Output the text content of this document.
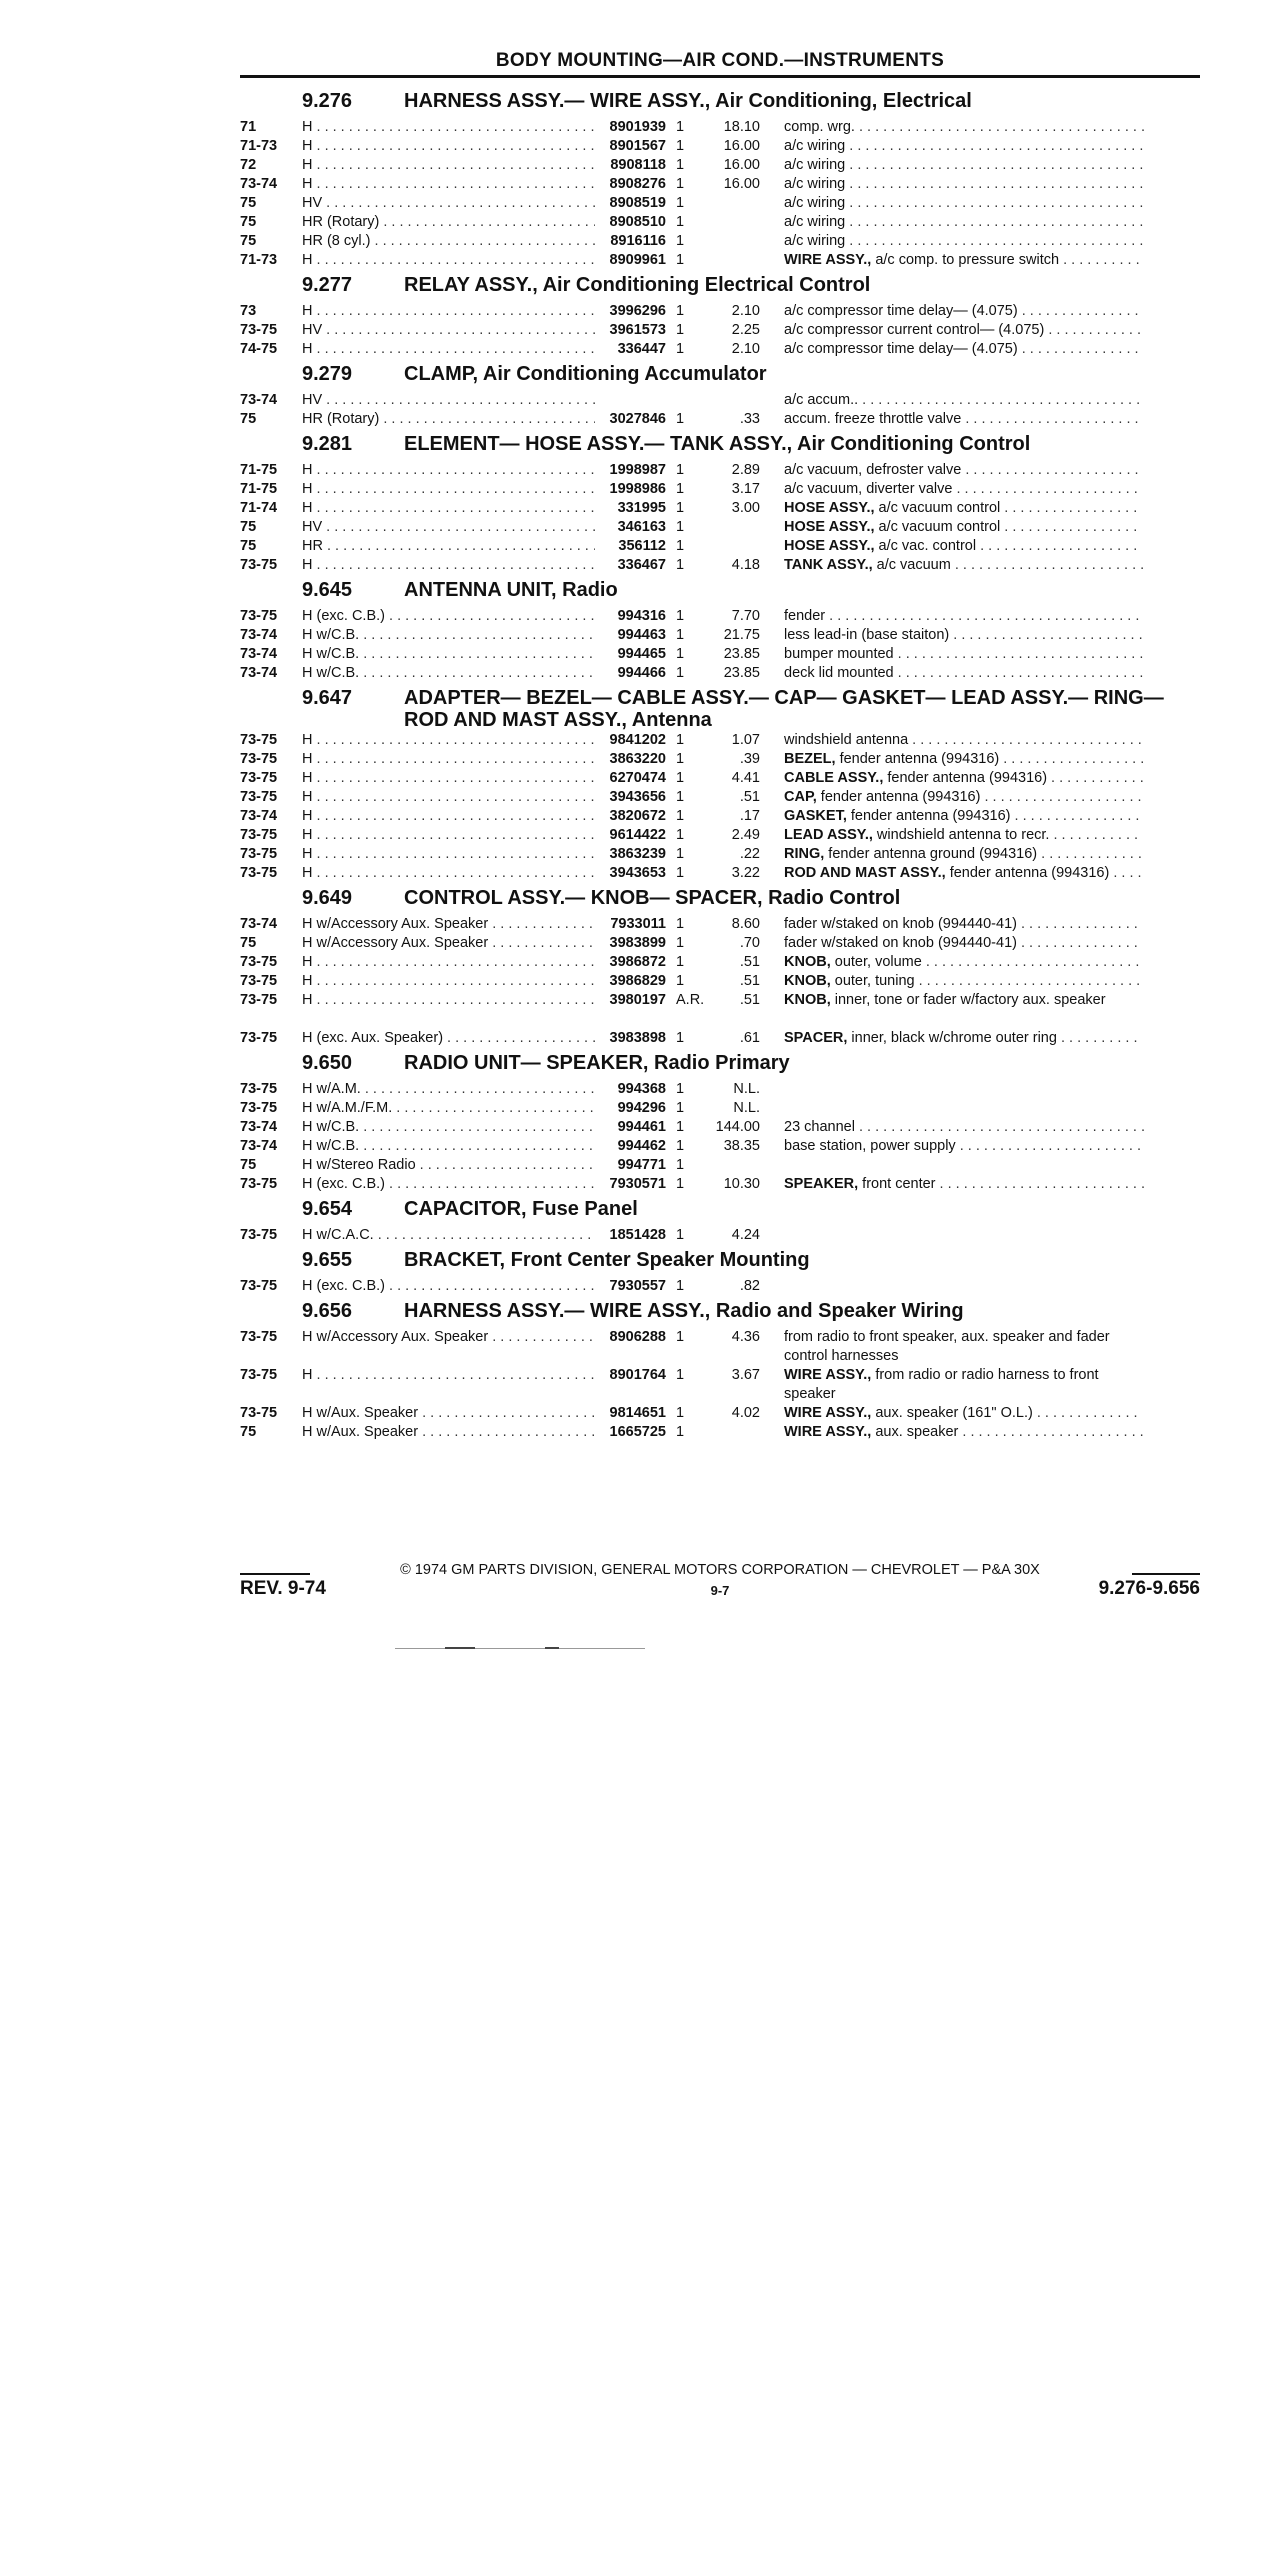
BODY MOUNTING—AIR COND.—INSTRUMENTS
9.276	HARNESS ASSY.— WIRE ASSY., Air Conditioning, Electrical
71	H . . .	8901939 1	18.10	comp. wrg. . . .
71-73	H . . .	8901567 1	16.00	a/c wiring . . .
72	H . . .	8908118 1	16.00	a/c wiring . . .
73-74	H . . .	8908276 1	16.00	a/c wiring . . .
75	HV . . .	8908519 1	a/c wiring . . .
75	HR (Rotary) . . .	8908510 1	a/c wiring . . .
75	HR (8 cyl.) . . .	8916116 1	a/c wiring . . .
71-73	H . . .	8909961 1	WIRE ASSY., a/c comp. to pressure switch . . .
9.277	RELAY ASSY., Air Conditioning Electrical Control
73	H . . .	3996296 1	2.10	a/c compressor time delay— (4.075) . . .
73-75	HV . . .	3961573 1	2.25	a/c compressor current control— (4.075) . . .
74-75	H . . .	336447 1	2.10	a/c compressor time delay— (4.075) . . .
9.279	CLAMP, Air Conditioning Accumulator
73-74	HV . . .	a/c accum.. . . .
75	HR (Rotary) . . .	3027846 1	.33	accum. freeze throttle valve . . .
9.281	ELEMENT— HOSE ASSY.— TANK ASSY., Air Conditioning Control
71-75	H . . .	1998987 1	2.89	a/c vacuum, defroster valve . . .
71-75	H . . .	1998986 1	3.17	a/c vacuum, diverter valve . . .
71-74	H . . .	331995 1	3.00	HOSE ASSY., a/c vacuum control . . .
75	HV . . .	346163 1	HOSE ASSY., a/c vacuum control . . .
75	HR . . .	356112 1	HOSE ASSY., a/c vac. control . . .
73-75	H . . .	336467 1	4.18	TANK ASSY., a/c vacuum . . .
9.645	ANTENNA UNIT, Radio
73-75	H (exc. C.B.) . . .	994316 1	7.70	fender . . .
73-74	H w/C.B. . . .	994463 1	21.75	less lead-in (base staiton) . . .
73-74	H w/C.B. . . .	994465 1	23.85	bumper mounted . . .
73-74	H w/C.B. . . .	994466 1	23.85	deck lid mounted . . .
9.647	ADAPTER— BEZEL— CABLE ASSY.— CAP— GASKET— LEAD ASSY.— RING— ROD AND MAST ASSY., Antenna
73-75	H . . .	9841202 1	1.07	windshield antenna . . .
73-75	H . . .	3863220 1	.39	BEZEL, fender antenna (994316) . . .
73-75	H . . .	6270474 1	4.41	CABLE ASSY., fender antenna (994316) . . .
73-75	H . . .	3943656 1	.51	CAP, fender antenna (994316) . . .
73-74	H . . .	3820672 1	.17	GASKET, fender antenna (994316) . . .
73-75	H . . .	9614422 1	2.49	LEAD ASSY., windshield antenna to recr. . . .
73-75	H . . .	3863239 1	.22	RING, fender antenna ground (994316) . . .
73-75	H . . .	3943653 1	3.22	ROD AND MAST ASSY., fender antenna (994316) . . .
9.649	CONTROL ASSY.— KNOB— SPACER, Radio Control
73-74	H w/Accessory Aux. Speaker . . .	7933011 1	8.60	fader w/staked on knob (994440-41) . . .
75	H w/Accessory Aux. Speaker . . .	3983899 1	.70	fader w/staked on knob (994440-41) . . .
73-75	H . . .	3986872 1	.51	KNOB, outer, volume . . .
73-75	H . . .	3986829 1	.51	KNOB, outer, tuning . . .
73-75	H . . .	3980197 A.R.	.51	KNOB, inner, tone or fader w/factory aux. speaker
73-75	H (exc. Aux. Speaker) . . .	3983898 1	.61	SPACER, inner, black w/chrome outer ring . . .
9.650	RADIO UNIT— SPEAKER, Radio Primary
73-75	H w/A.M. . . .	994368 1	N.L.
73-75	H w/A.M./F.M. . . .	994296 1	N.L.
73-74	H w/C.B. . . .	994461 1	144.00	23 channel . . .
73-74	H w/C.B. . . .	994462 1	38.35	base station, power supply . . .
75	H w/Stereo Radio . . .	994771 1
73-75	H (exc. C.B.) . . .	7930571 1	10.30	SPEAKER, front center . . .
9.654	CAPACITOR, Fuse Panel
73-75	H w/C.A.C. . . .	1851428 1	4.24
9.655	BRACKET, Front Center Speaker Mounting
73-75	H (exc. C.B.) . . .	7930557 1	.82
9.656	HARNESS ASSY.— WIRE ASSY., Radio and Speaker Wiring
73-75	H w/Accessory Aux. Speaker . . .	8906288 1	4.36	from radio to front speaker, aux. speaker and fader control harnesses
73-75	H . . .	8901764 1	3.67	WIRE ASSY., from radio or radio harness to front speaker
73-75	H w/Aux. Speaker . . .	9814651 1	4.02	WIRE ASSY., aux. speaker (161" O.L.) . . .
75	H w/Aux. Speaker . . .	1665725 1	WIRE ASSY., aux. speaker . . .
© 1974 GM PARTS DIVISION, GENERAL MOTORS CORPORATION — CHEVROLET — P&A 30X
REV. 9-74	9-7	9.276-9.656
